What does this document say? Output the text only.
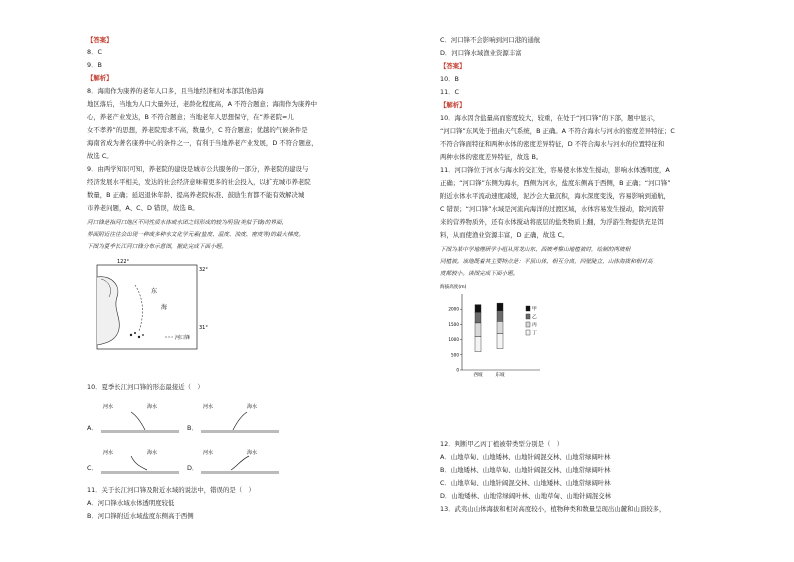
【答案】
8．C
9．B
【解析】
8．海南作为康养的老年人口多，且当地经济相对本部其他沿海
地区落后，当地为人口大量外迁，老龄化程度高，A 不符合题意；海南作为康养中
心，养老产业发达，B 不符合题意；当地老年人思想保守，在“养老院=儿
女不孝养”的思想，养老院需求不高，数量少，C 符合题意；优越的气候条件是
海南省成为著名康养中心的条件之一，有利于当地养老产业发展，D 不符合题意，
故选 C。
9．由两学知识可知，养老院的建设是城市公共服务的一部分，养老院的建设与
经济发展水平相关，发达的社会经济意味着更多的社会投入，以扩充城市养老院
数量，B 正确；延迟退休年龄、提高养老院标准、鼓励生育都不能有效解决城
市养老问题，A、C、D 错误，故选 B。
河口锋是指河口地区不同性质水体或水团之间形成的较为明显(类似于锋)的界面，
界面附近往往会出现一种或多种水文化学元素(盐度、温度、浊度、密度等)的最大梯度。
下图为夏季长江河口锋分布示意图，据此完成下面小题。
122°
32°
31°
东
海
河口锋
10．夏季长江河口锋的形态最接近（　）
A．
河水	海水
B．
河水	海水
C．
河水	海水
D．
河水	海水
11．关于长江河口锋及附近水域的说法中，错误的是（　）
A．河口锋水域水体透明度较低
B．河口锋附近水域盐度东侧高于西侧
C．河口锋不会影响到河口港的通航
D．河口锋水域渔业资源丰富
【答案】
10．B
11．C
【解析】
10．海水因含盐量高而密度较大，较重，在处于“河口锋”的下部，题中显示，
“河口锋”东风处于扭曲天气系统，B 正确。A 不符合海水与河水的密度差异特征；C
不符合锋面特征和两种水体的密度差异特征，D 不符合海水与河水的位置特征和
两种水体的密度差异特征，故选 B。
11．河口锋位于河水与海水的交汇处，容易使水体发生搅动，影响水体透明度，A
正确；“河口锋”东侧为海水，西侧为河水，盐度东侧高于西侧，B 正确；“河口锋”
附近水体水平流动速度减缓，泥沙会大量沉积，海水深度变浅，容易影响到通航，
C 错误；“河口锋”水域是河流向海洋的过渡区域，水体容易发生搅动，除河流带
来的营养物质外，还有水体搅动将底层的盐类物质上翻，为浮游生物提供充足饵
料，从而使渔业资源丰富，D 正确，故选 C。
下图为某中学地理研学小组从黑龙山东、西坡考察山地植被时，绘制的两坡相
同植被。该地既着其主要特点是：平顶山体，相互分离，四壁陡立，山体海拔和相对高
度都较小。读图完成下面小题。
海拔高度(m)
0
500
1000
1500
2000
西坡	东坡
甲
乙
丙
丁
12．判断甲乙丙丁植被带类型分别是（　）
A．山地草甸、山地矮林、山地针阔混交林、山地常绿阔叶林
B．山地矮林、山地草甸、山地针阔混交林、山地常绿阔叶林
C．山地草甸、山地针阔混交林、山地矮林、山地常绿阔叶林
D．山地矮林、山地常绿阔叶林、山地草甸、山地针阔混交林
13．武夷山山体海拔和相对高度较小，植物种类和数量呈现出山麓和山顶较多，
